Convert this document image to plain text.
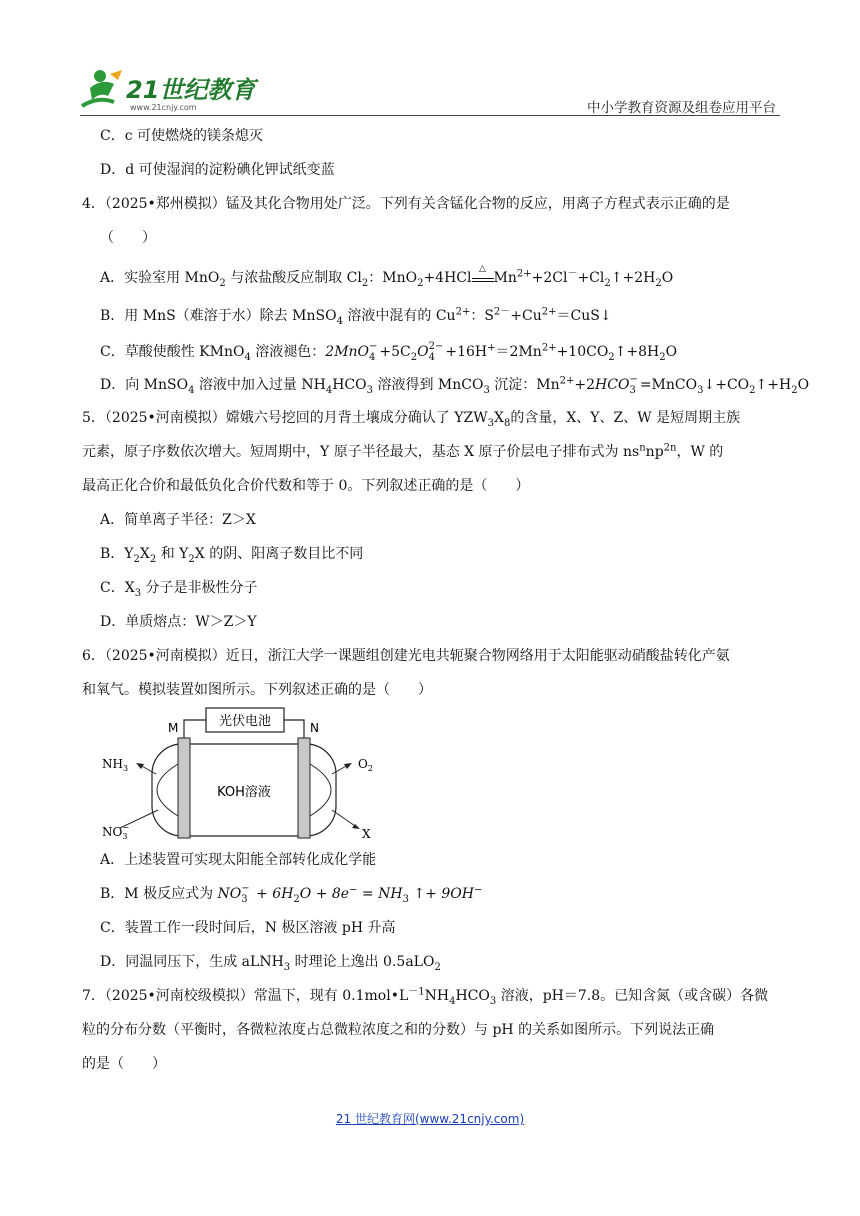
21世纪教育
www.21cnjy.com	中小学教育资源及组卷应用平台
C．c 可使燃烧的镁条熄灭
D．d 可使湿润的淀粉碘化钾试纸变蓝
4．（2025•郑州模拟）锰及其化合物用处广泛。下列有关含锰化合物的反应，用离子方程式表示正确的是
（　　）
A．实验室用 MnO$_2$ 与浓盐酸反应制取 $Cl_2$：MnO$_2$+4HCl
△
$Mn^{2+}+2Cl^-+Cl_2↑+2H_2O$
B．用 MnS（难溶于水）除去 MnSO$_4$ 溶液中混有的 $Cu^{2+}$：$S^{2-}+Cu^{2+}=CuS↓$
C．草酸使酸性 KMnO$_4$ 溶液褪色：2MnO −
$4 +5C_2O$ 2−
$4 +16H^+=2Mn^{2+}+10CO_2↑+8H_2O$
D．向 MnSO$_4$ 溶液中加入过量 $NH_4HCO_3$ 溶液得到 MnCO$_3$ 沉淀：$Mn^{2+}+2HCO$ −
$3 =MnCO_3↓+CO_2↑+H_2O$
5．（2025•河南模拟）嫦娥六号挖回的月背土壤成分确认了 $YZW_3X_8$的含量，X、Y、Z、W 是短周期主族
元素，原子序数依次增大。短周期中，Y 原子半径最大，基态 X 原子价层电子排布式为 $ns^nnp^{2n}$，W 的
最高正化合价和最低负化合价代数和等于 0。下列叙述正确的是（　　）
A．简单离子半径：Z＞X
B．$Y_2X_2$ 和 $Y_2X$ 的阴、阳离子数目比不同
C．$X_3$ 分子是非极性分子
D．单质熔点：W＞Z＞Y
6．（2025•河南模拟）近日，浙江大学一课题组创建光电共轭聚合物网络用于太阳能驱动硝酸盐转化产氨
和氧气。模拟装置如图所示。下列叙述正确的是（　　）
光伏电池
M	N
KOH溶液
$NH_3$
$NO_3-$
$O_2$
X
A．上述装置可实现太阳能全部转化成化学能
B．M 极反应式为 NO −
$3 + 6H_2O + 8e^- = NH_3$ ↑+ 9OH−
C．装置工作一段时间后，N 极区溶液 pH 升高
D．同温同压下，生成 aLNH$_3$ 时理论上逸出 0.5aLO$_2$
7．（2025•河南校级模拟）常温下，现有 $0.1mol•L^{-1}NH_4HCO_3$ 溶液，pH＝7.8。已知含氮（或含碳）各微
粒的分布分数（平衡时，各微粒浓度占总微粒浓度之和的分数）与 pH 的关系如图所示。下列说法正确
的是（　　）
21 世纪教育网(www.21cnjy.com)
